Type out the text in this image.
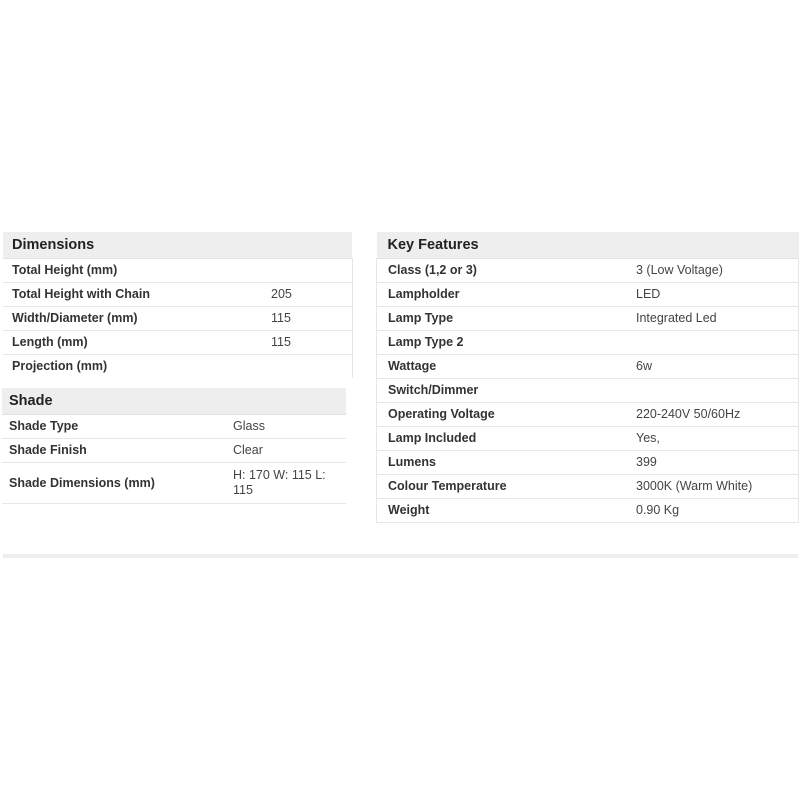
Dimensions	
Total Height (mm)	
Total Height with Chain	205
Width/Diameter (mm)	115
Length (mm)	115
Projection (mm)	
Shade	
Shade Type	Glass
Shade Finish	Clear
Shade Dimensions (mm)	H: 170 W: 115 L: 115
Key Features	
Class (1,2 or 3)	3 (Low Voltage)
Lampholder	LED
Lamp Type	Integrated Led
Lamp Type 2	
Wattage	6w
Switch/Dimmer	
Operating Voltage	220-240V 50/60Hz
Lamp Included	Yes,
Lumens	399
Colour Temperature	3000K (Warm White)
Weight	0.90 Kg
